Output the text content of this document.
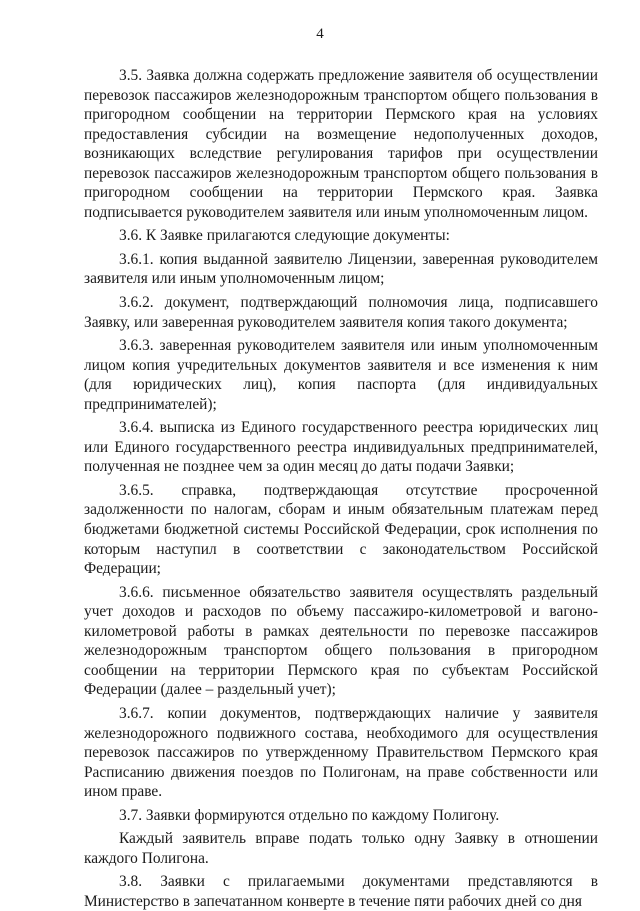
4

3.5. Заявка должна содержать предложение заявителя об осуществлении перевозок пассажиров железнодорожным транспортом общего пользования в пригородном сообщении на территории Пермского края на условиях предоставления субсидии на возмещение недополученных доходов, возникающих вследствие регулирования тарифов при осуществлении перевозок пассажиров железнодорожным транспортом общего пользования в пригородном сообщении на территории Пермского края. Заявка подписывается руководителем заявителя или иным уполномоченным лицом.

3.6. К Заявке прилагаются следующие документы:

3.6.1. копия выданной заявителю Лицензии, заверенная руководителем заявителя или иным уполномоченным лицом;

3.6.2. документ, подтверждающий полномочия лица, подписавшего Заявку, или заверенная руководителем заявителя копия такого документа;

3.6.3. заверенная руководителем заявителя или иным уполномоченным лицом копия учредительных документов заявителя и все изменения к ним (для юридических лиц), копия паспорта (для индивидуальных предпринимателей);

3.6.4. выписка из Единого государственного реестра юридических лиц или Единого государственного реестра индивидуальных предпринимателей, полученная не позднее чем за один месяц до даты подачи Заявки;

3.6.5. справка, подтверждающая отсутствие просроченной задолженности по налогам, сборам и иным обязательным платежам перед бюджетами бюджетной системы Российской Федерации, срок исполнения по которым наступил в соответствии с законодательством Российской Федерации;

3.6.6. письменное обязательство заявителя осуществлять раздельный учет доходов и расходов по объему пассажиро-километровой и вагоно-километровой работы в рамках деятельности по перевозке пассажиров железнодорожным транспортом общего пользования в пригородном сообщении на территории Пермского края по субъектам Российской Федерации (далее – раздельный учет);

3.6.7. копии документов, подтверждающих наличие у заявителя железнодорожного подвижного состава, необходимого для осуществления перевозок пассажиров по утвержденному Правительством Пермского края Расписанию движения поездов по Полигонам, на праве собственности или ином праве.

3.7. Заявки формируются отдельно по каждому Полигону.

Каждый заявитель вправе подать только одну Заявку в отношении каждого Полигона.

3.8. Заявки с прилагаемыми документами представляются в Министерство в запечатанном конверте в течение пяти рабочих дней со дня
